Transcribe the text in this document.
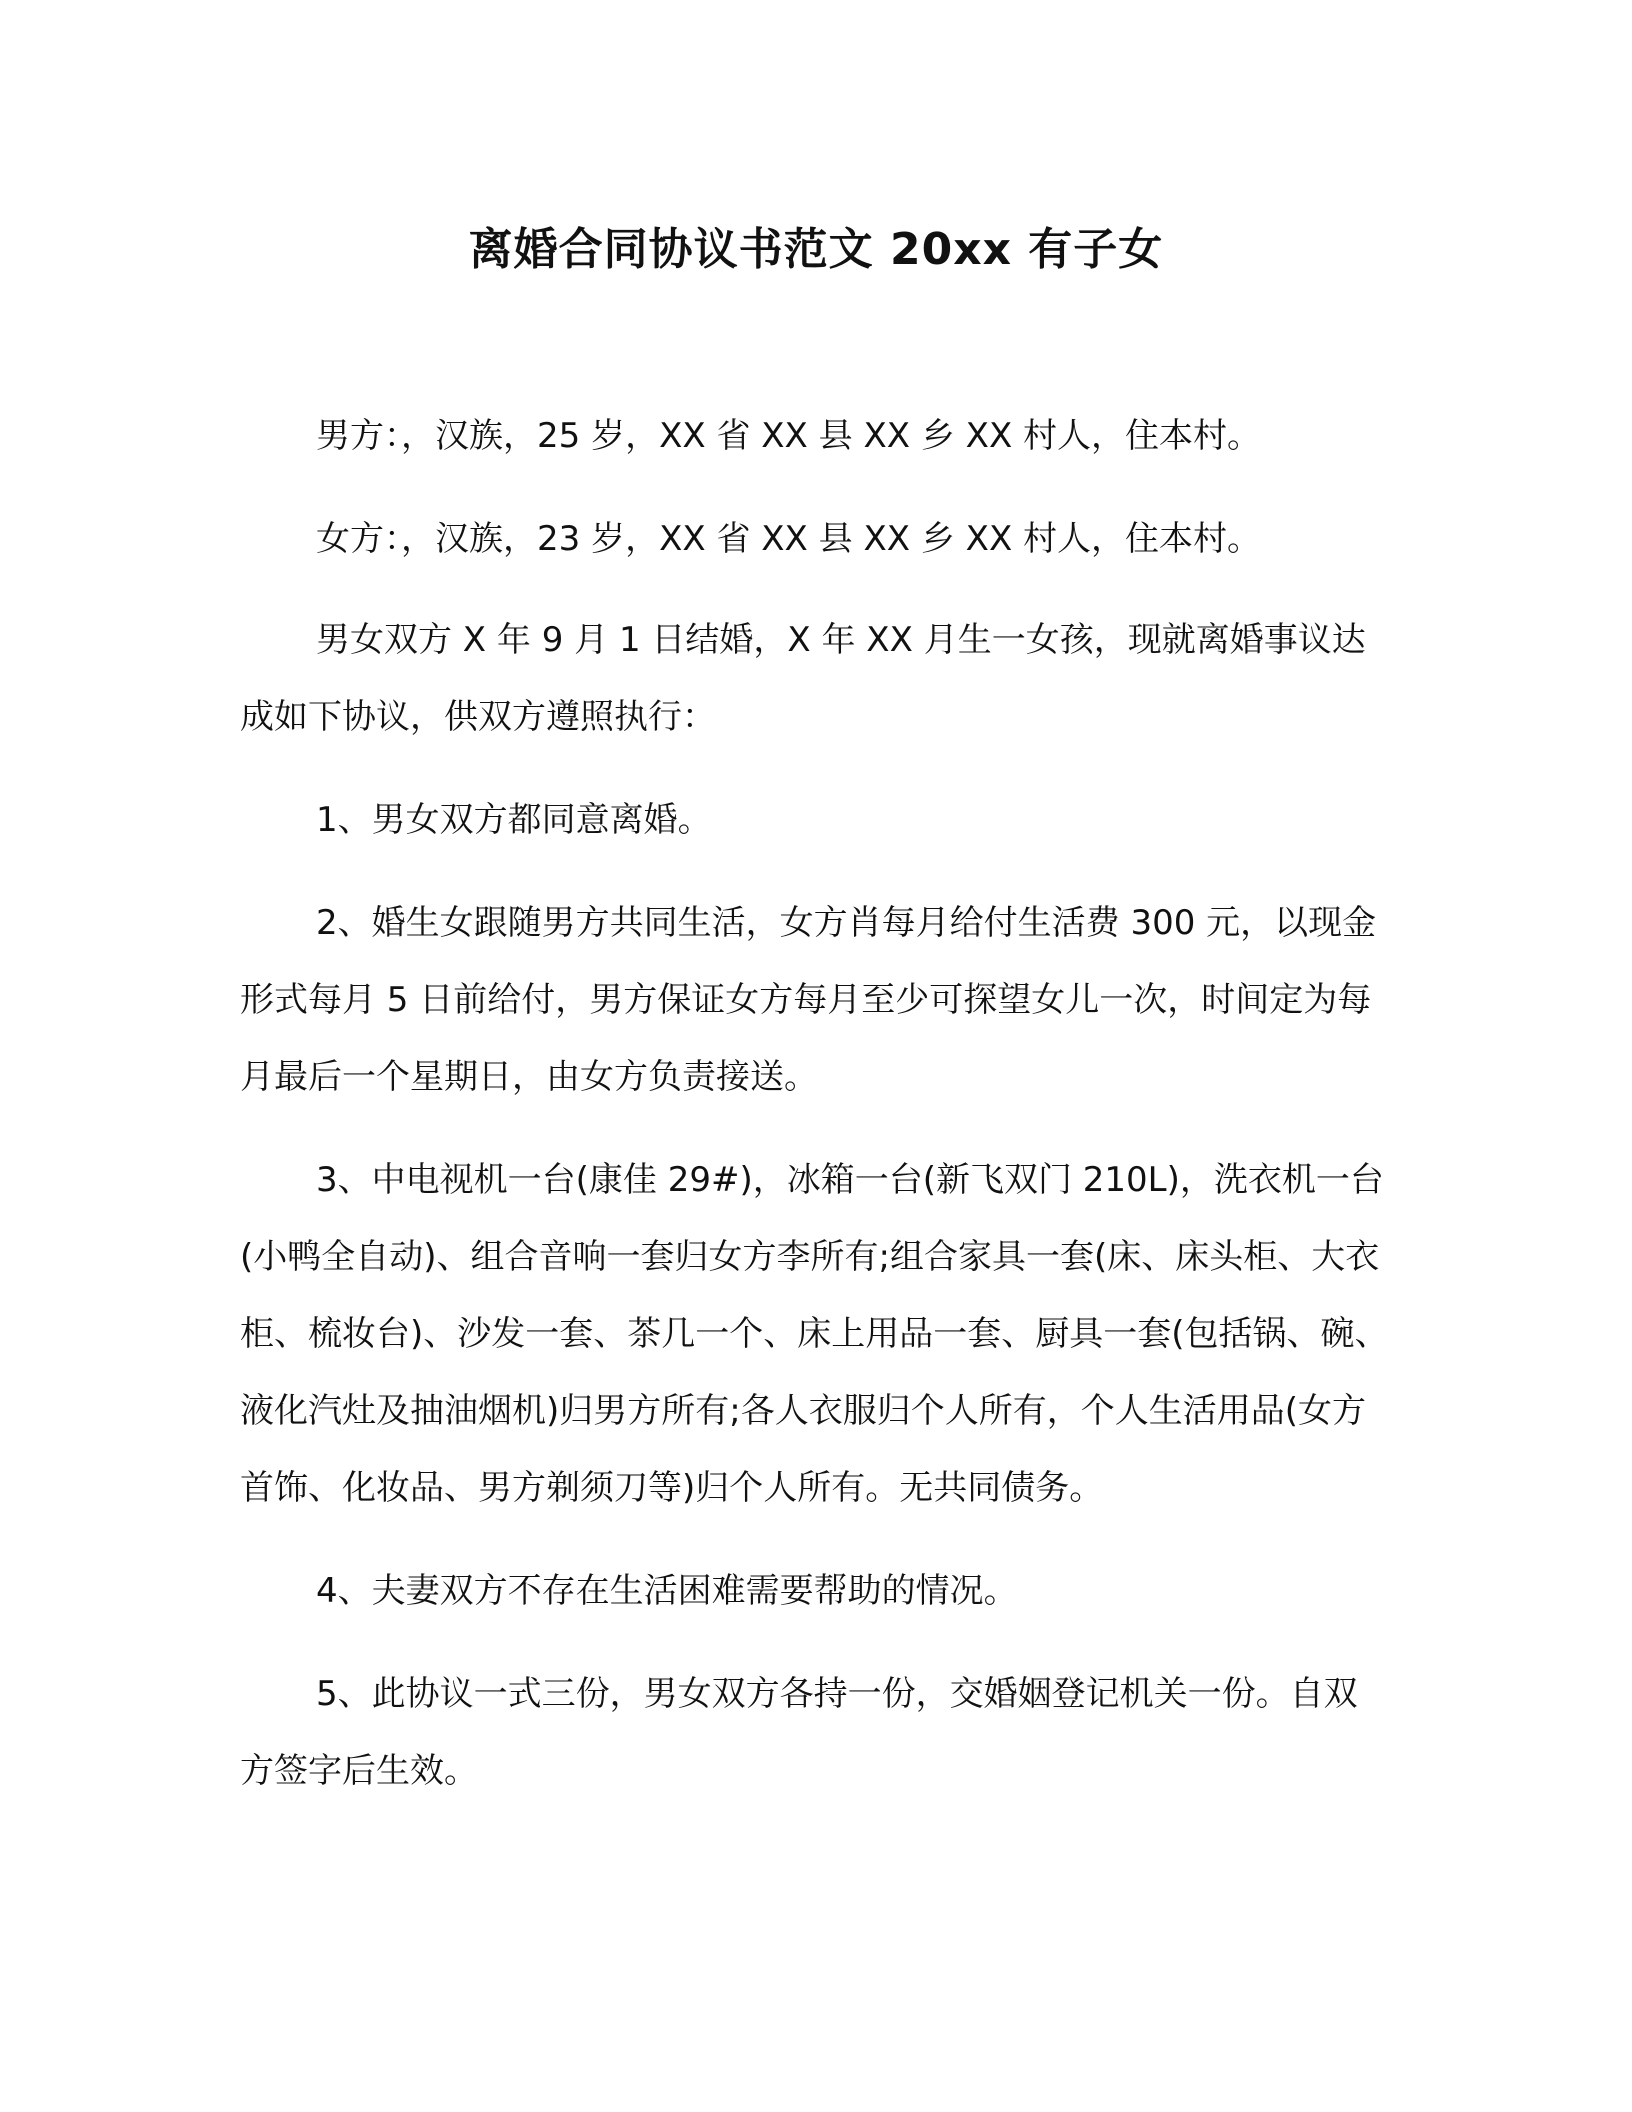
离婚合同协议书范文 20xx 有子女

男方：，汉族，25 岁，XX 省 XX 县 XX 乡 XX 村人，住本村。

女方：，汉族，23 岁，XX 省 XX 县 XX 乡 XX 村人，住本村。

男女双方 X 年 9 月 1 日结婚，X 年 XX 月生一女孩，现就离婚事议达成如下协议，供双方遵照执行：

1、男女双方都同意离婚。

2、婚生女跟随男方共同生活，女方肖每月给付生活费 300 元，以现金形式每月 5 日前给付，男方保证女方每月至少可探望女儿一次，时间定为每月最后一个星期日，由女方负责接送。

3、中电视机一台(康佳 29#)，冰箱一台(新飞双门 210L)，洗衣机一台(小鸭全自动)、组合音响一套归女方李所有;组合家具一套(床、床头柜、大衣柜、梳妆台)、沙发一套、茶几一个、床上用品一套、厨具一套(包括锅、碗、液化汽灶及抽油烟机)归男方所有;各人衣服归个人所有，个人生活用品(女方首饰、化妆品、男方剃须刀等)归个人所有。无共同债务。

4、夫妻双方不存在生活困难需要帮助的情况。

5、此协议一式三份，男女双方各持一份，交婚姻登记机关一份。自双方签字后生效。
